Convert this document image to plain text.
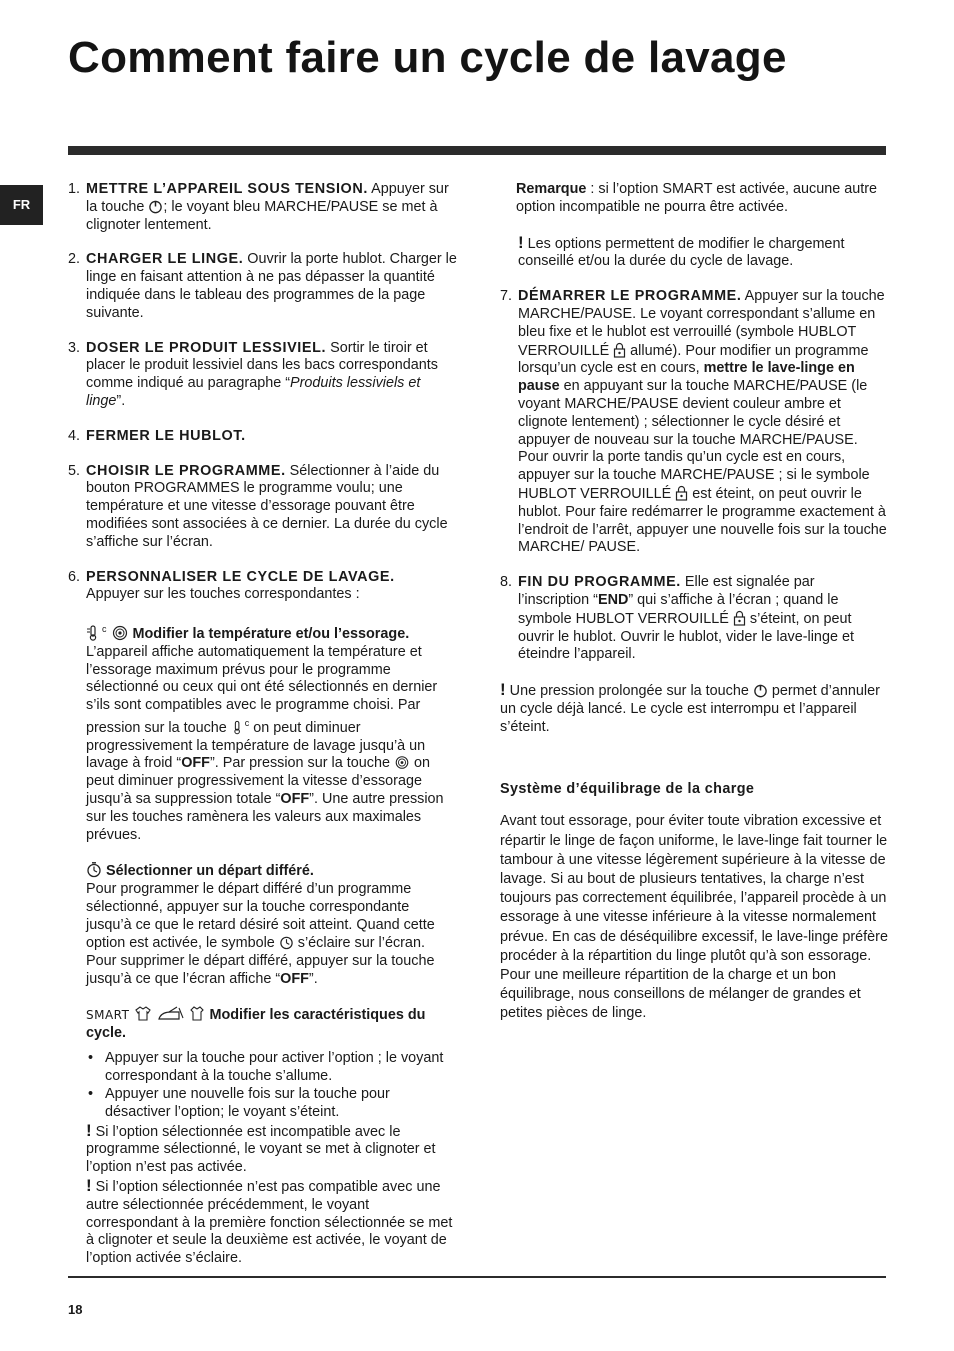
Comment faire un cycle de lavage
FR
1. METTRE L’APPAREIL SOUS TENSION. Appuyer sur la touche ; le voyant bleu MARCHE/PAUSE se met à clignoter lentement.
2. CHARGER LE LINGE. Ouvrir la porte hublot. Charger le linge en faisant attention à ne pas dépasser la quantité indiquée dans le tableau des programmes de la page suivante.
3. DOSER LE PRODUIT LESSIVIEL. Sortir le tiroir et placer le produit lessiviel dans les bacs correspondants comme indiqué au paragraphe “Produits lessiviels et linge”.
4. FERMER LE HUBLOT.
5. CHOISIR LE PROGRAMME. Sélectionner à l’aide du bouton PROGRAMMES le programme voulu; une température et une vitesse d’essorage pouvant être modifiées sont associées à ce dernier. La durée du cycle s’affiche sur l’écran.
6. PERSONNALISER LE CYCLE DE LAVAGE.

Appuyer sur les touches correspondantes :

$^c$ Modifier la température et/ou l’essorage.

L’appareil affiche automatiquement la température et l’essorage maximum prévus pour le programme sélectionné ou ceux qui ont été sélectionnés en dernier s’ils sont compatibles avec le programme choisi. Par pression sur la touche $^c$ on peut diminuer progressivement la température de lavage jusqu’à un lavage à froid “OFF”. Par pression sur la touche  on peut diminuer progressivement la vitesse d’essorage jusqu’à sa suppression totale “OFF”. Une autre pression sur les touches ramènera les valeurs aux maximales prévues.

Sélectionner un départ différé.

Pour programmer le départ différé d’un programme sélectionné, appuyer sur la touche correspondante jusqu’à ce que le retard désiré soit atteint. Quand cette option est activée, le symbole  s’éclaire sur l’écran. Pour supprimer le départ différé, appuyer sur la touche jusqu’à ce que l’écran affiche “OFF”.

SMART	Modifier les caractéristiques du cycle.

• Appuyer sur la touche pour activer l’option ; le voyant correspondant à la touche s’allume.
• Appuyer une nouvelle fois sur la touche pour désactiver l’option; le voyant s’éteint.

! Si l’option sélectionnée est incompatible avec le programme sélectionné, le voyant se met à clignoter et l’option n’est pas activée.

! Si l’option sélectionnée n’est pas compatible avec une autre sélectionnée précédemment, le voyant correspondant à la première fonction sélectionnée se met à clignoter et seule la deuxième est activée, le voyant de l’option activée s’éclaire.

Remarque : si l’option SMART est activée, aucune autre option incompatible ne pourra être activée.

! Les options permettent de modifier le chargement conseillé et/ou la durée du cycle de lavage.

7. DÉMARRER LE PROGRAMME. Appuyer sur la touche MARCHE/PAUSE. Le voyant correspondant s’allume en bleu fixe et le hublot est verrouillé (symbole HUBLOT VERROUILLÉ  allumé). Pour modifier un programme lorsqu’un cycle est en cours, mettre le lave-linge en pause en appuyant sur la touche MARCHE/PAUSE (le voyant MARCHE/PAUSE devient couleur ambre et clignote lentement) ; sélectionner le cycle désiré et appuyer de nouveau sur la touche MARCHE/PAUSE.

Pour ouvrir la porte tandis qu’un cycle est en cours, appuyer sur la touche MARCHE/PAUSE ; si le symbole HUBLOT VERROUILLÉ  est éteint, on peut ouvrir le hublot. Pour faire redémarrer le programme exactement à l’endroit de l’arrêt, appuyer une nouvelle fois sur la touche MARCHE/ PAUSE.

8. FIN DU PROGRAMME. Elle est signalée par l’inscription “END” qui s’affiche à l’écran ; quand le symbole HUBLOT VERROUILLÉ  s’éteint, on peut ouvrir le hublot. Ouvrir le hublot, vider le lave-linge et éteindre l’appareil.

! Une pression prolongée sur la touche  permet d’annuler un cycle déjà lancé. Le cycle est interrompu et l’appareil s’éteint.

Système d’équilibrage de la charge

Avant tout essorage, pour éviter toute vibration excessive et répartir le linge de façon uniforme, le lave-linge fait tourner le tambour à une vitesse légèrement supérieure à la vitesse de lavage. Si au bout de plusieurs tentatives, la charge n’est toujours pas correctement équilibrée, l’appareil procède à un essorage à une vitesse inférieure à la vitesse normalement prévue. En cas de déséquilibre excessif, le lave-linge préfère procéder à la répartition du linge plutôt qu’à son essorage. Pour une meilleure répartition de la charge et un bon équilibrage, nous conseillons de mélanger de grandes et petites pièces de linge.

18
